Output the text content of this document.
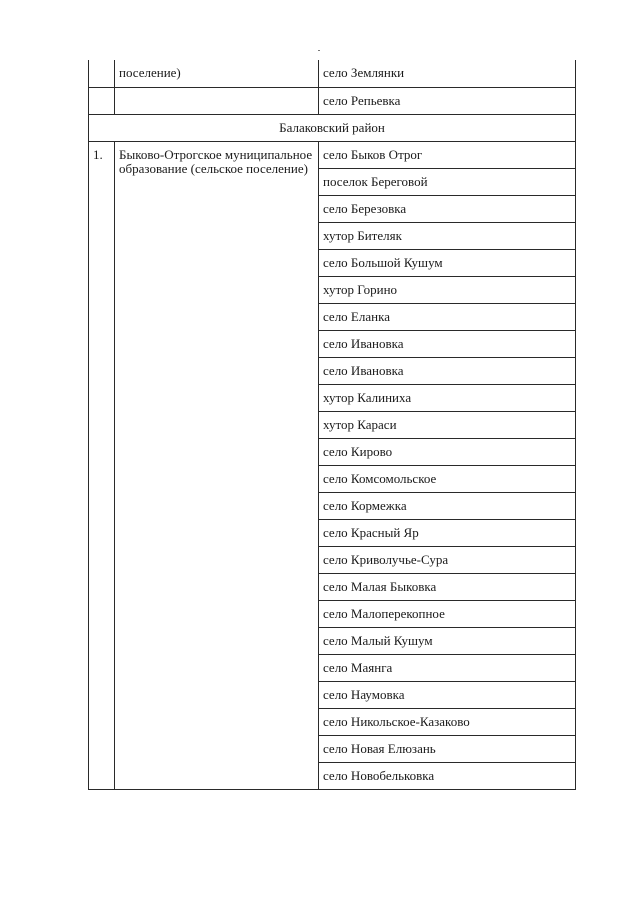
	поселение)	село Землянки
		село Репьевка
Балаковский район		
1.	Быково-Отрогское муниципальное образование (сельское поселение)	село Быков Отрог
		поселок Береговой
		село Березовка
		хутор Бителяк
		село Большой Кушум
		хутор Горино
		село Еланка
		село Ивановка
		село Ивановка
		хутор Калиниха
		хутор Караси
		село Кирово
		село Комсомольское
		село Кормежка
		село Красный Яр
		село Криволучье-Сура
		село Малая Быковка
		село Малоперекопное
		село Малый Кушум
		село Маянга
		село Наумовка
		село Никольское-Казаково
		село Новая Елюзань
		село Новобельковка
